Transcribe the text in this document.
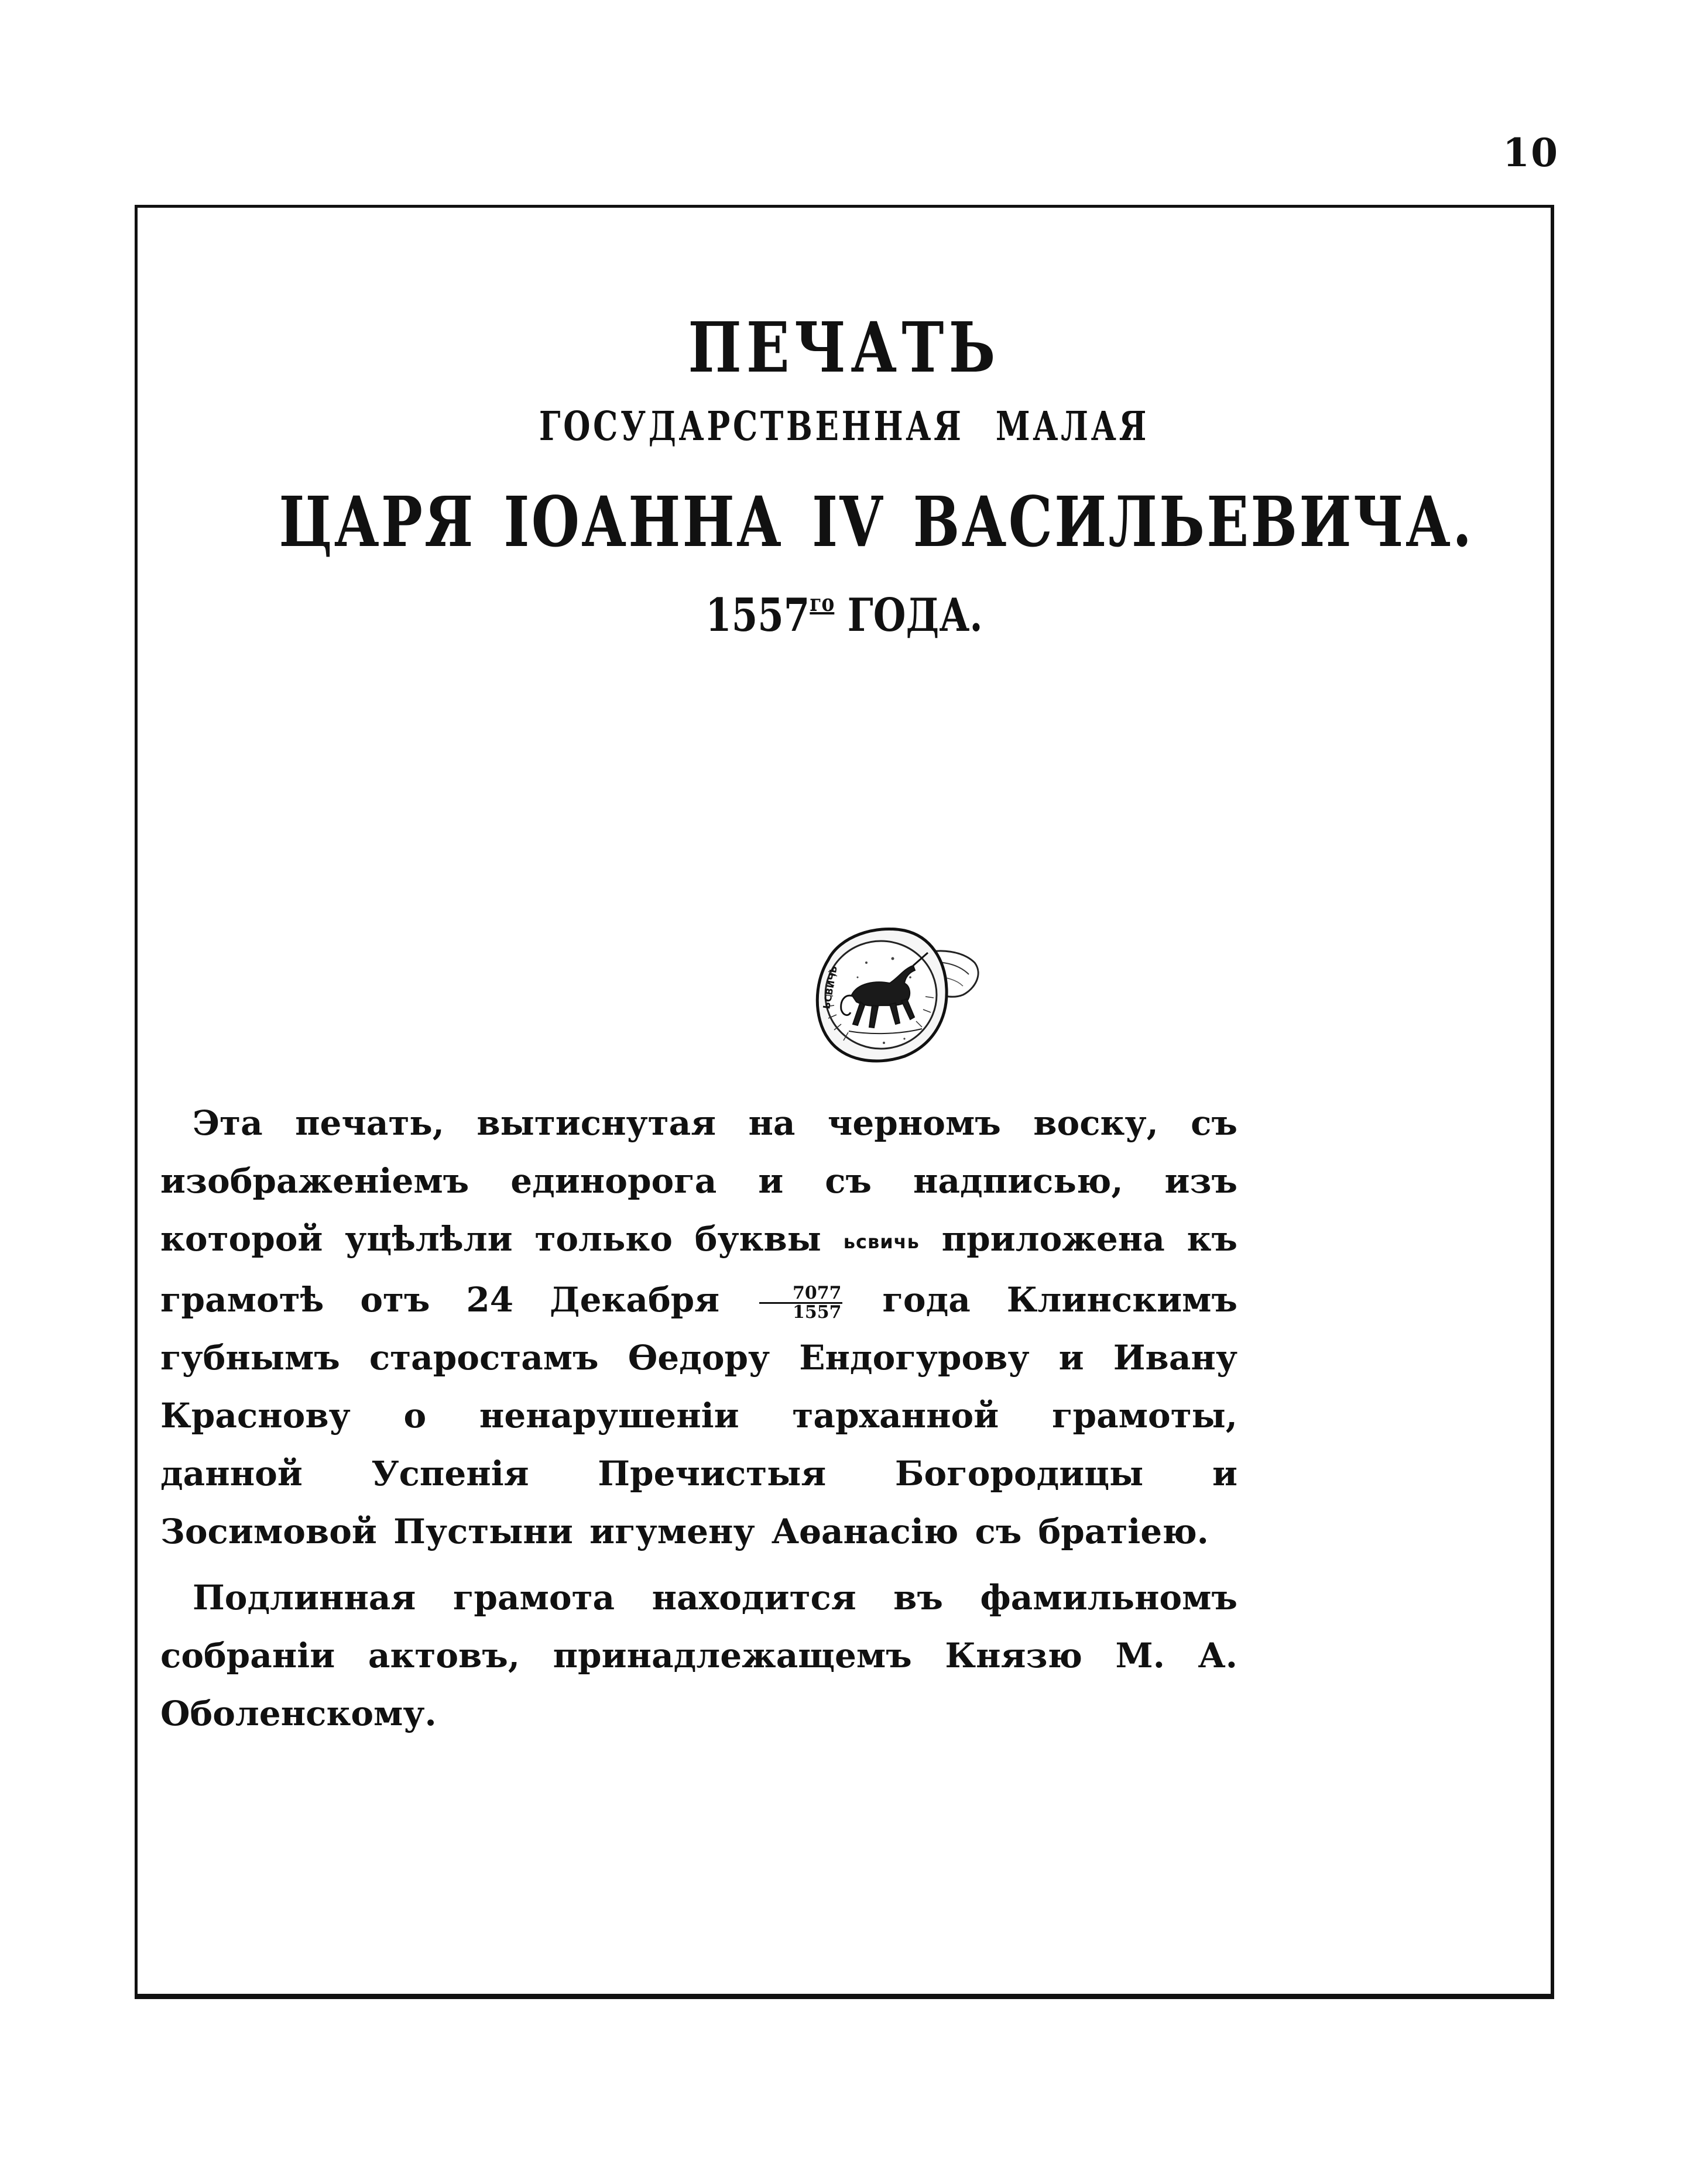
10
ПЕЧАТЬ
ГОСУДАРСТВЕННАЯ МАЛАЯ
ЦАРЯ ІОАННА IV ВАСИЛЬЕВИЧА.
$1557^{го}$ ГОДА.
ЬСВИЧЬ

Эта печать, вытиснутая на черномъ воску, съ изображеніемъ единорога и съ надписью, изъ которой уцѣлѣли только буквы ьсвичь приложена къ грамотѣ отъ 24 Декабря $\frac{7077}{1557}$ года Клинскимъ губнымъ старостамъ Ѳедору Ендогурову и Ивану Краснову о ненарушеніи тарханной грамоты, данной Успенія Пречистыя Богородицы и Зосимовой Пустыни игумену Аѳанасію съ братіею.

Подлинная грамота находится въ фамильномъ собраніи актовъ, принадлежащемъ Князю М. А. Оболенскому.
